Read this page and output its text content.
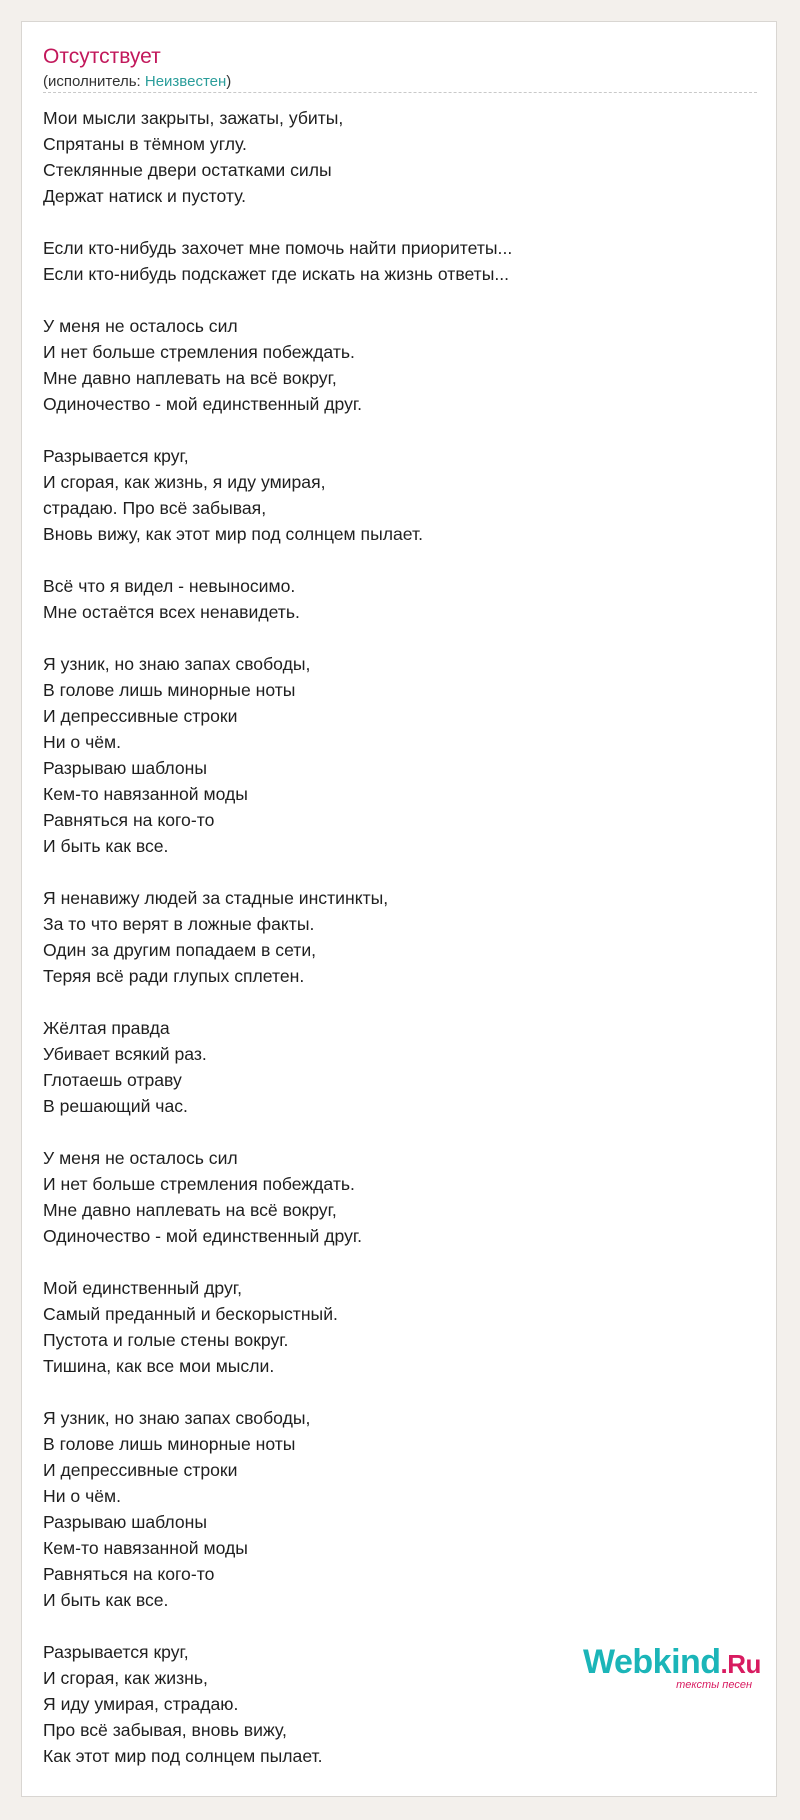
Отсутствует
(исполнитель: Неизвестен)
Мои мысли закрыты, зажаты, убиты,
Спрятаны в тёмном углу.
Стеклянные двери остатками силы
Держат натиск и пустоту.
Если кто-нибудь захочет мне помочь найти приоритеты...
Если кто-нибудь подскажет где искать на жизнь ответы...
У меня не осталось сил
И нет больше стремления побеждать.
Мне давно наплевать на всё вокруг,
Одиночество - мой единственный друг.
Разрывается круг,
И сгорая, как жизнь, я иду умирая,
страдаю. Про всё забывая,
Вновь вижу, как этот мир под солнцем пылает.
Всё что я видел - невыносимо.
Мне остаётся всех ненавидеть.
Я узник, но знаю запах свободы,
В голове лишь минорные ноты
И депрессивные строки
Ни о чём.
Разрываю шаблоны
Кем-то навязанной моды
Равняться на кого-то
И быть как все.
Я ненавижу людей за стадные инстинкты,
За то что верят в ложные факты.
Один за другим попадаем в сети,
Теряя всё ради глупых сплетен.
Жёлтая правда
Убивает всякий раз.
Глотаешь отраву
В решающий час.
У меня не осталось сил
И нет больше стремления побеждать.
Мне давно наплевать на всё вокруг,
Одиночество - мой единственный друг.
Мой единственный друг,
Самый преданный и бескорыстный.
Пустота и голые стены вокруг.
Тишина, как все мои мысли.
Я узник, но знаю запах свободы,
В голове лишь минорные ноты
И депрессивные строки
Ни о чём.
Разрываю шаблоны
Кем-то навязанной моды
Равняться на кого-то
И быть как все.
Разрывается круг,
И сгорая, как жизнь,
Я иду умирая, страдаю.
Про всё забывая, вновь вижу,
Как этот мир под солнцем пылает.
Webkind.Ru
тексты песен
